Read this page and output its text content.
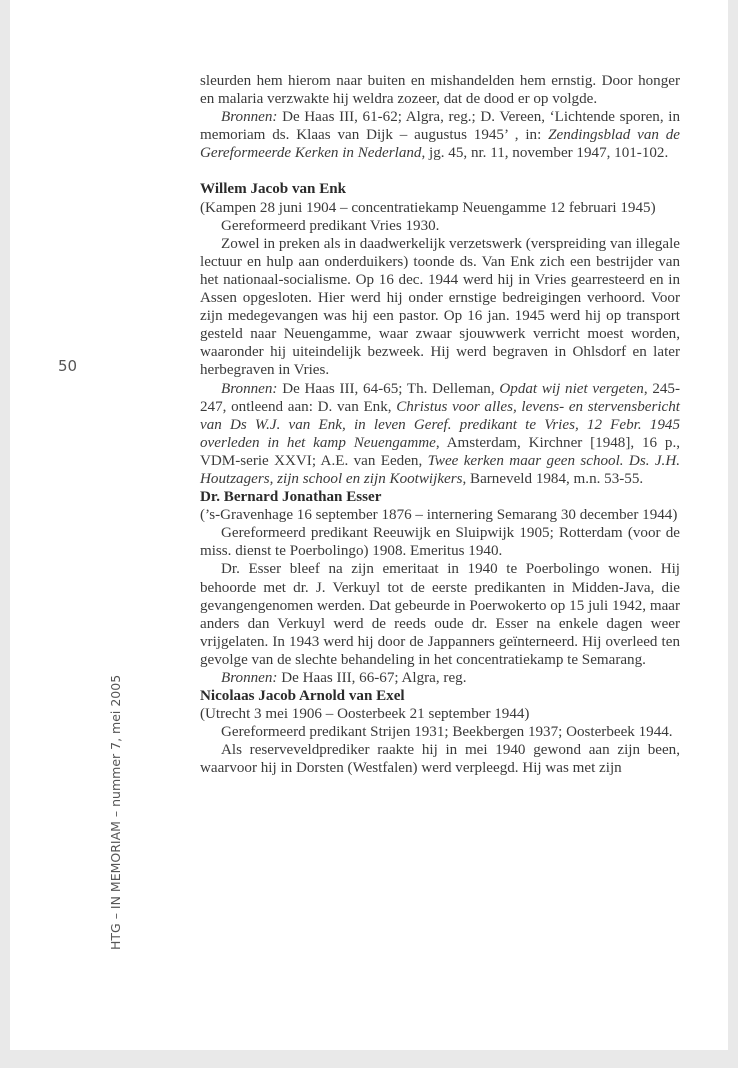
50
HTG – IN MEMORIAM – nummer 7, mei 2005

sleurden hem hierom naar buiten en mishandelden hem ernstig. Door honger en malaria verzwakte hij weldra zozeer, dat de dood er op volgde.

Bronnen: De Haas III, 61-62; Algra, reg.; D. Vereen, ‘Lichtende sporen, in memoriam ds. Klaas van Dijk – augustus 1945’ , in: Zendingsblad van de Gereformeerde Kerken in Nederland, jg. 45, nr. 11, november 1947, 101-102.

Willem Jacob van Enk

(Kampen 28 juni 1904 – concentratiekamp Neuengamme 12 februari 1945)

Gereformeerd predikant Vries 1930.

Zowel in preken als in daadwerkelijk verzetswerk (verspreiding van illegale lectuur en hulp aan onderduikers) toonde ds. Van Enk zich een bestrijder van het nationaal-socialisme. Op 16 dec. 1944 werd hij in Vries gearresteerd en in Assen opgesloten. Hier werd hij onder ernstige bedreigingen verhoord. Voor zijn medegevangen was hij een pastor. Op 16 jan. 1945 werd hij op transport gesteld naar Neuengamme, waar zwaar sjouwwerk verricht moest worden, waaronder hij uiteindelijk bezweek. Hij werd begraven in Ohlsdorf en later herbegraven in Vries.

Bronnen: De Haas III, 64-65; Th. Delleman, Opdat wij niet vergeten, 245-247, ontleend aan: D. van Enk, Christus voor alles, levens- en stervensbericht van Ds W.J. van Enk, in leven Geref. predikant te Vries, 12 Febr. 1945 overleden in het kamp Neuengamme, Amsterdam, Kirchner [1948], 16 p., VDM-serie XXVI; A.E. van Eeden, Twee kerken maar geen school. Ds. J.H. Houtzagers, zijn school en zijn Kootwijkers, Barneveld 1984, m.n. 53-55.

Dr. Bernard Jonathan Esser

(’s-Gravenhage 16 september 1876 – internering Semarang 30 december 1944)

Gereformeerd predikant Reeuwijk en Sluipwijk 1905; Rotterdam (voor de miss. dienst te Poerbolingo) 1908. Emeritus 1940.

Dr. Esser bleef na zijn emeritaat in 1940 te Poerbolingo wonen. Hij behoorde met dr. J. Verkuyl tot de eerste predikanten in Midden-Java, die gevangengenomen werden. Dat gebeurde in Poerwokerto op 15 juli 1942, maar anders dan Verkuyl werd de reeds oude dr. Esser na enkele dagen weer vrijgelaten. In 1943 werd hij door de Jappanners geïnterneerd. Hij overleed ten gevolge van de slechte behandeling in het concentratiekamp te Semarang.

Bronnen: De Haas III, 66-67; Algra, reg.

Nicolaas Jacob Arnold van Exel

(Utrecht 3 mei 1906 – Oosterbeek 21 september 1944)

Gereformeerd predikant Strijen 1931; Beekbergen 1937; Oosterbeek 1944.

Als reserveveldprediker raakte hij in mei 1940 gewond aan zijn been, waarvoor hij in Dorsten (Westfalen) werd verpleegd. Hij was met zijn
